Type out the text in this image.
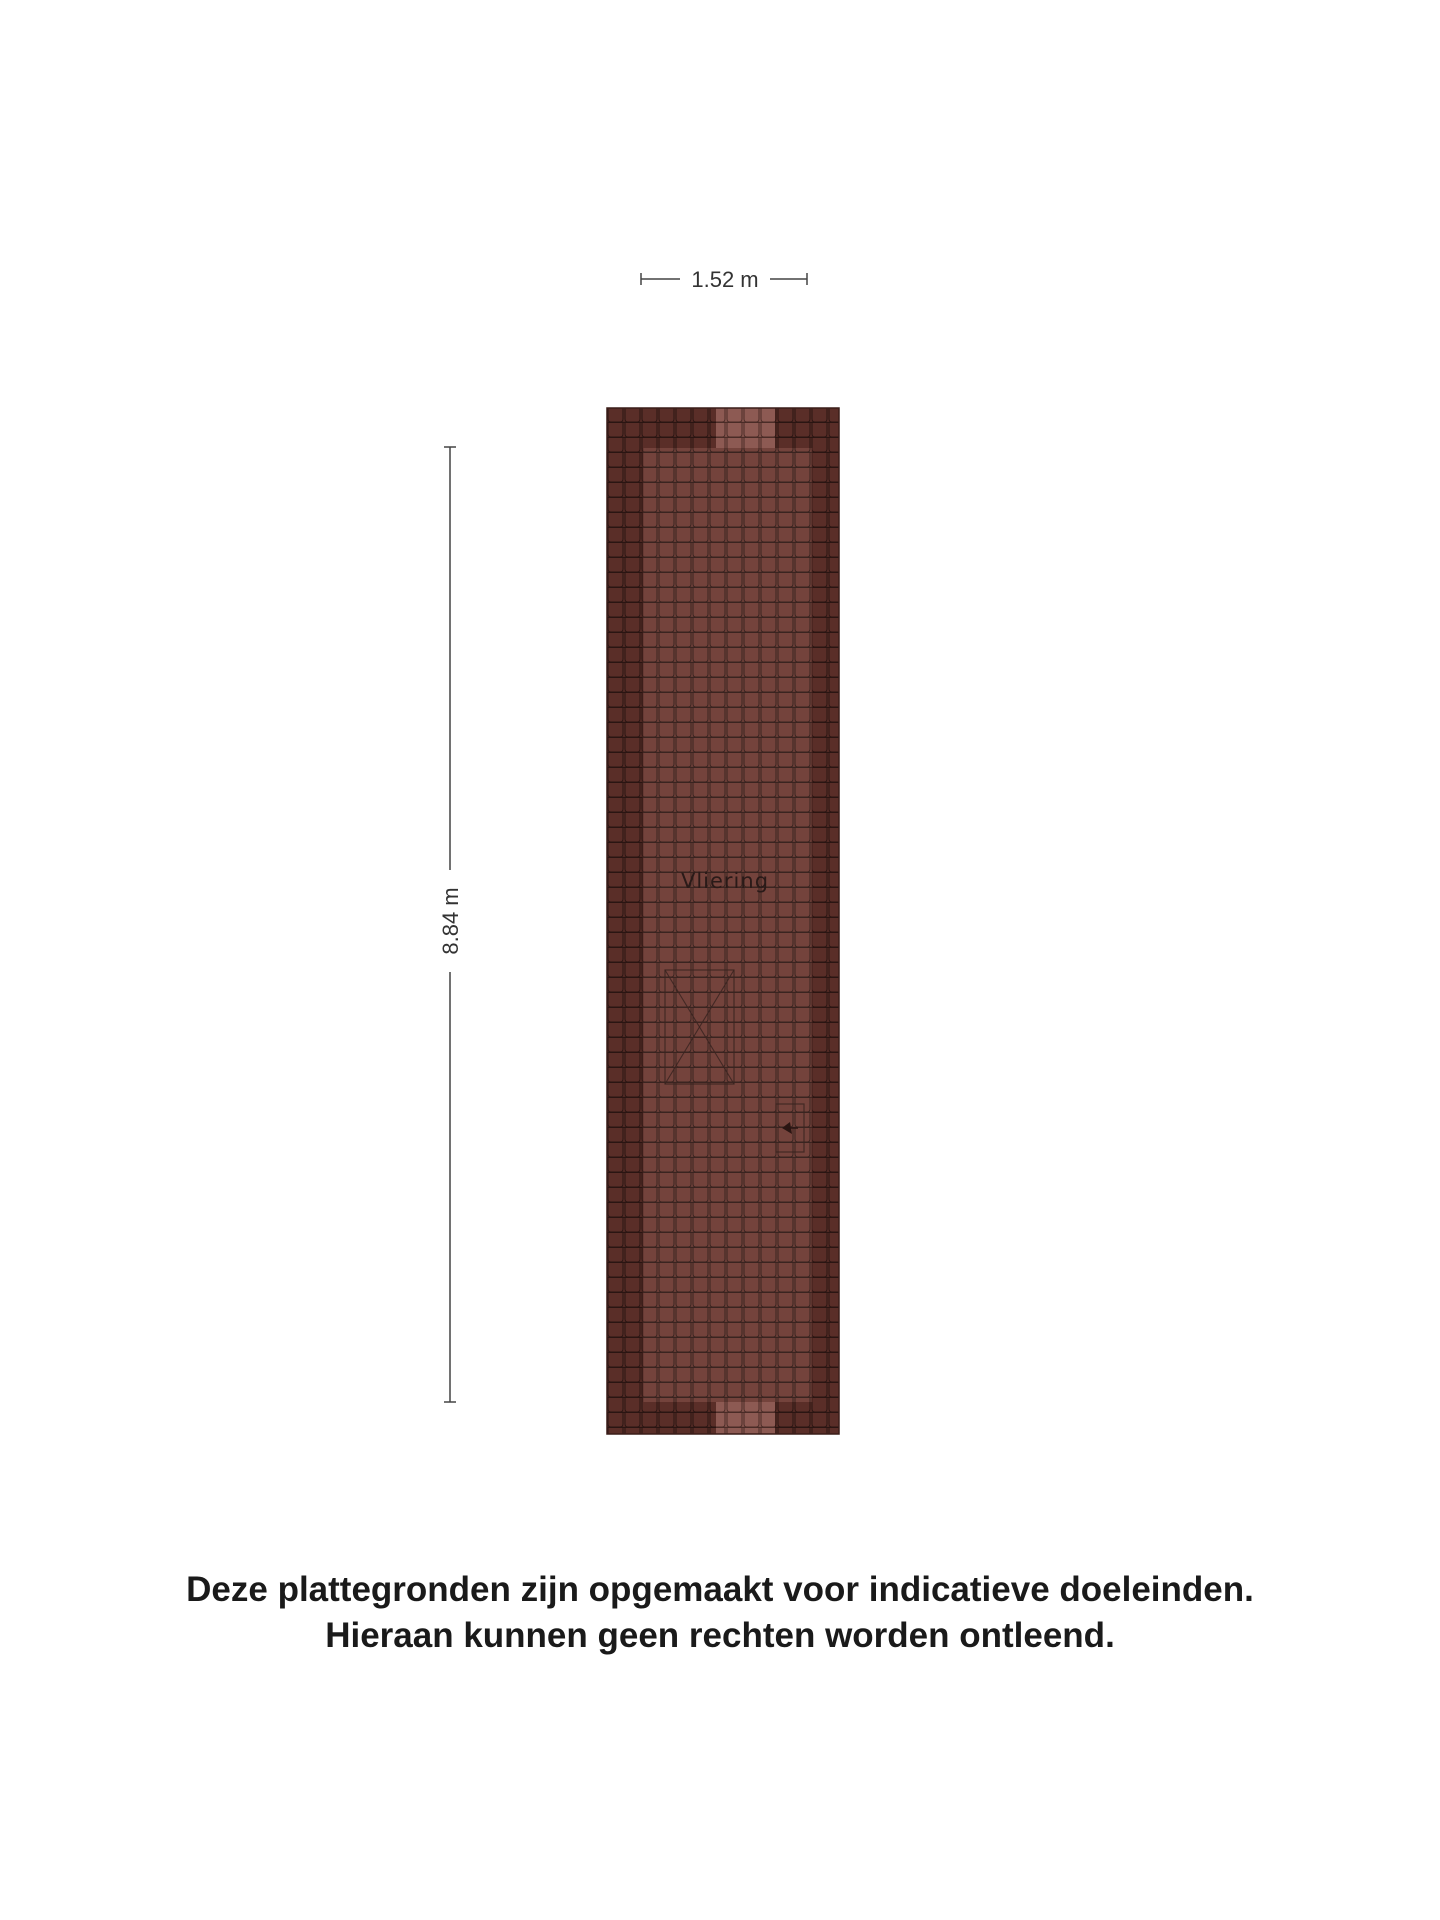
1.52 m
8.84 m
Vliering
Deze plattegronden zijn opgemaakt voor indicatieve doeleinden.
Hieraan kunnen geen rechten worden ontleend.
